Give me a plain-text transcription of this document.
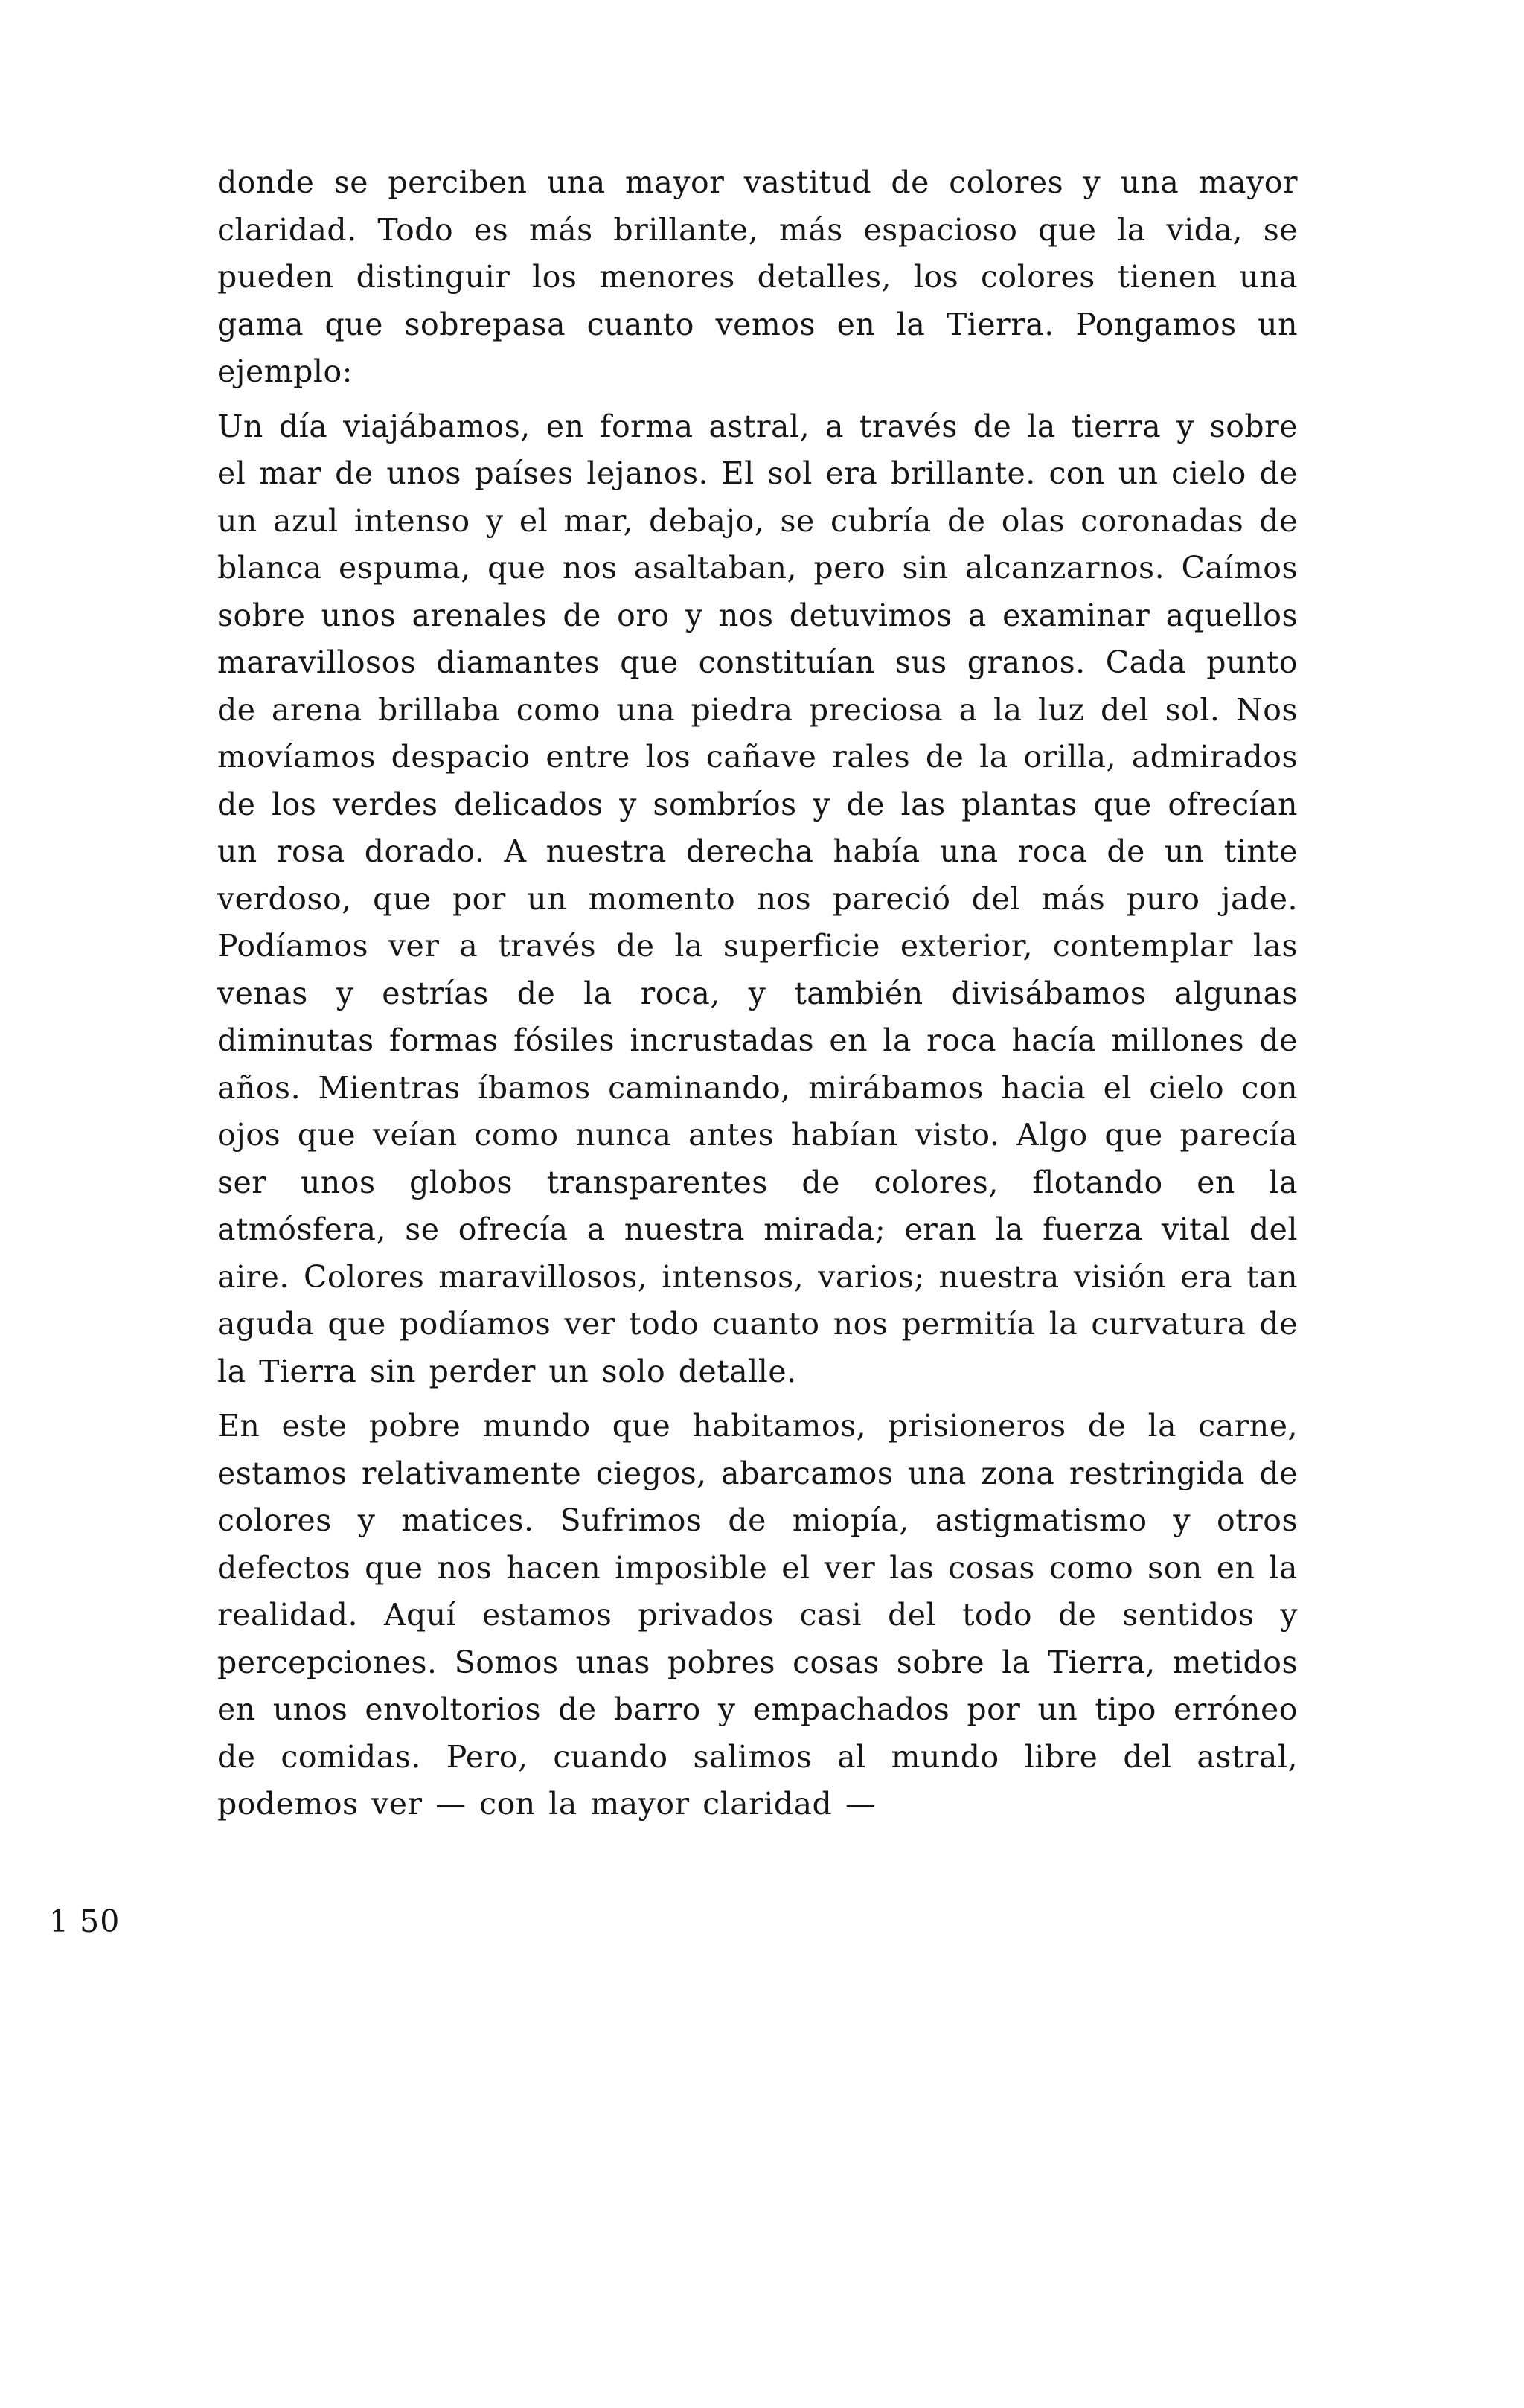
donde se perciben una mayor vastitud de colores y una mayor claridad. Todo es más brillante, más espacioso que la vida, se pueden distinguir los menores detalles, los colores tienen una gama que sobrepasa cuanto vemos en la Tierra. Pongamos un ejemplo:

Un día viajábamos, en forma astral, a través de la tierra y sobre el mar de unos países lejanos. El sol era brillante. con un cielo de un azul intenso y el mar, debajo, se cubría de olas coronadas de blanca espuma, que nos asaltaban, pero sin alcanzarnos. Caímos sobre unos arenales de oro y nos detuvimos a examinar aquellos maravillosos diamantes que constituían sus granos. Cada punto de arena brillaba como una piedra preciosa a la luz del sol. Nos movíamos despacio entre los cañave rales de la orilla, admirados de los verdes delicados y sombríos y de las plantas que ofrecían un rosa dorado. A nuestra derecha había una roca de un tinte verdoso, que por un momento nos pareció del más puro jade. Podíamos ver a través de la superficie exterior, contemplar las venas y estrías de la roca, y también divisábamos algunas diminutas formas fósiles incrustadas en la roca hacía millones de años. Mientras íbamos caminando, mirábamos hacia el cielo con ojos que veían como nunca antes habían visto. Algo que parecía ser unos globos transparentes de colores, flotando en la atmósfera, se ofrecía a nuestra mirada; eran la fuerza vital del aire. Colores maravillosos, intensos, varios; nuestra visión era tan aguda que podíamos ver todo cuanto nos permitía la curvatura de la Tierra sin perder un solo detalle.

En este pobre mundo que habitamos, prisioneros de la carne, estamos relativamente ciegos, abarcamos una zona restringida de colores y matices. Sufrimos de miopía, astigmatismo y otros defectos que nos hacen imposible el ver las cosas como son en la realidad. Aquí estamos privados casi del todo de sentidos y percepciones. Somos unas pobres cosas sobre la Tierra, metidos en unos envoltorios de barro y empachados por un tipo erróneo de comidas. Pero, cuando salimos al mundo libre del astral, podemos ver — con la mayor claridad —

1 50
